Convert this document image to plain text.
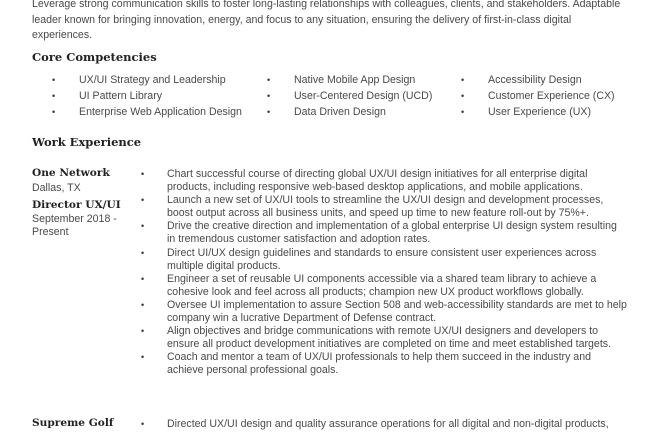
Leverage strong communication skills to foster long-lasting relationships with colleagues, clients, and stakeholders. Adaptable

leader known for bringing innovation, energy, and focus to any situation, ensuring the delivery of first-in-class digital experiences.

Core Competencies
• UX/UI Strategy and Leadership
• UI Pattern Library
• Enterprise Web Application Design
• Native Mobile App Design
• User-Centered Design (UCD)
• Data Driven Design
• Accessibility Design
• Customer Experience (CX)
• User Experience (UX)
Work Experience
One Network
Dallas, TX
Director UX/UI
September 2018 -
Present
• Chart successful course of directing global UX/UI design initiatives for all enterprise digital products, including responsive web-based desktop applications, and mobile applications.
• Launch a new set of UX/UI tools to streamline the UX/UI design and development processes, boost output across all business units, and speed up time to new feature roll-out by 75%+.
• Drive the creative direction and implementation of a global enterprise UI design system resulting in tremendous customer satisfaction and adoption rates.
• Direct UI/UX design guidelines and standards to ensure consistent user experiences across multiple digital products.
• Engineer a set of reusable UI components accessible via a shared team library to achieve a cohesive look and feel across all products; champion new UX product workflows globally.
• Oversee UI implementation to assure Section 508 and web-accessibility standards are met to help company win a lucrative Department of Defense contract.
• Align objectives and bridge communications with remote UX/UI designers and developers to ensure all product development initiatives are completed on time and meet established targets.
• Coach and mentor a team of UX/UI professionals to help them succeed in the industry and achieve personal professional goals.
Supreme Golf	• Directed UX/UI design and quality assurance operations for all digital and non-digital products,
